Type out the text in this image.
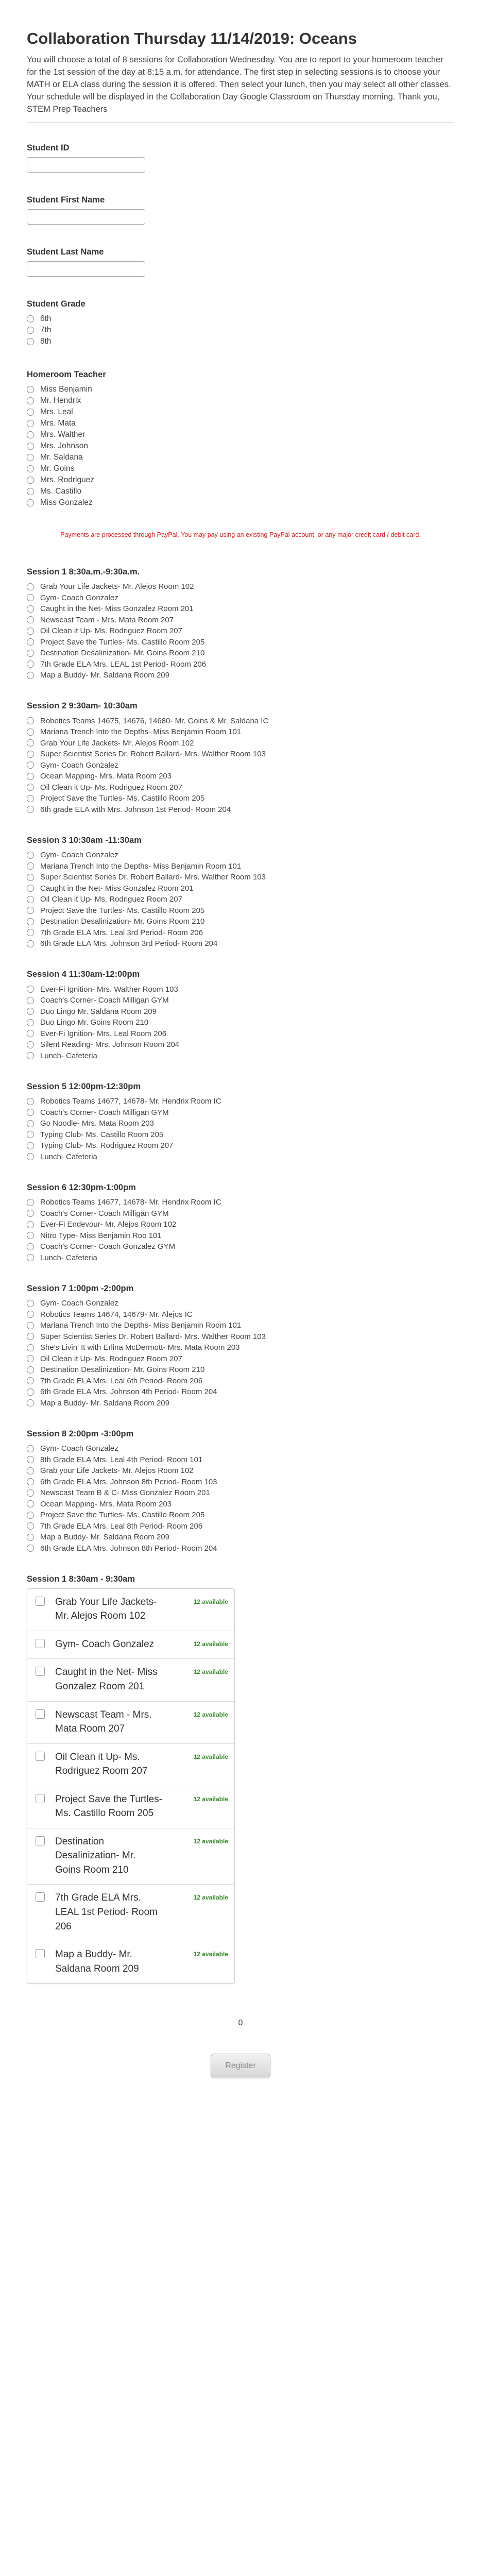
Collaboration Thursday 11/14/2019: Oceans
You will choose a total of 8 sessions for Collaboration Wednesday. You are to report to your homeroom teacher for the 1st session of the day at 8:15 a.m. for attendance. The first step in selecting sessions is to choose your MATH or ELA class during the session it is offered. Then select your lunch, then you may select all other classes. Your schedule will be displayed in the Collaboration Day Google Classroom on Thursday morning. Thank you, STEM Prep Teachers
Student ID
Student First Name
Student Last Name
Student Grade
6th
7th
8th
Homeroom Teacher
Miss Benjamin
Mr. Hendrix
Mrs. Leal
Mrs. Mata
Mrs. Walther
Mrs. Johnson
Mr. Saldana
Mr. Goins
Mrs. Rodriguez
Ms. Castillo
Miss Gonzalez
Payments are processed through PayPal. You may pay using an existing PayPal account, or any major credit card / debit card.
Session 1 8:30a.m.-9:30a.m.
Grab Your Life Jackets- Mr. Alejos Room 102
Gym- Coach Gonzalez
Caught in the Net- Miss Gonzalez Room 201
Newscast Team - Mrs. Mata Room 207
Oil Clean it Up- Ms. Rodriguez Room 207
Project Save the Turtles- Ms. Castillo Room 205
Destination Desalinization- Mr. Goins Room 210
7th Grade ELA Mrs. LEAL 1st Period- Room 206
Map a Buddy- Mr. Saldana Room 209
Session 2 9:30am- 10:30am
Robotics Teams 14675, 14676, 14680- Mr. Goins & Mr. Saldana IC
Mariana Trench Into the Depths- Miss Benjamin Room 101
Grab Your Life Jackets- Mr. Alejos Room 102
Super Scientist Series Dr. Robert Ballard- Mrs. Walther Room 103
Gym- Coach Gonzalez
Ocean Mapping- Mrs. Mata Room 203
Oil Clean it Up- Ms. Rodriguez Room 207
Project Save the Turtles- Ms. Castillo Room 205
6th grade ELA with Mrs. Johnson 1st Period- Room 204
Session 3 10:30am -11:30am
Gym- Coach Gonzalez
Mariana Trench Into the Depths- Miss Benjamin Room 101
Super Scientist Series Dr. Robert Ballard- Mrs. Walther Room 103
Caught in the Net- Miss Gonzalez Room 201
Oil Clean it Up- Ms. Rodriguez Room 207
Project Save the Turtles- Ms. Castillo Room 205
Destination Desalinization- Mr. Goins Room 210
7th Grade ELA Mrs. Leal 3rd Period- Room 206
6th Grade ELA Mrs. Johnson 3rd Period- Room 204
Session 4 11:30am-12:00pm
Ever-Fi Ignition- Mrs. Walther Room 103
Coach's Corner- Coach Milligan GYM
Duo Lingo Mr. Saldana Room 209
Duo Lingo Mr. Goins Room 210
Ever-Fi Ignition- Mrs. Leal Room 206
Silent Reading- Mrs. Johnson Room 204
Lunch- Cafeteria
Session 5 12:00pm-12:30pm
Robotics Teams 14677, 14678- Mr. Hendrix Room IC
Coach's Corner- Coach Milligan GYM
Go Noodle- Mrs. Mata Room 203
Typing Club- Ms. Castillo Room 205
Typing Club- Ms. Rodriguez Room 207
Lunch- Cafeteria
Session 6 12:30pm-1:00pm
Robotics Teams 14677, 14678- Mr. Hendrix Room IC
Coach's Corner- Coach Milligan GYM
Ever-Fi Endevour- Mr. Alejos Room 102
Nitro Type- Miss Benjamin Roo 101
Coach's Corner- Coach Gonzalez GYM
Lunch- Cafeteria
Session 7 1:00pm -2:00pm
Gym- Coach Gonzalez
Robotics Teams 14674, 14679- Mr. Alejos IC
Mariana Trench Into the Depths- Miss Benjamin Room 101
Super Scientist Series Dr. Robert Ballard- Mrs. Walther Room 103
She's Livin' It with Erlina McDermott- Mrs. Mata Room 203
Oil Clean it Up- Ms. Rodriguez Room 207
Destination Desalinization- Mr. Goins Room 210
7th Grade ELA Mrs. Leal 6th Period- Room 206
6th Grade ELA Mrs. Johnson 4th Period- Room 204
Map a Buddy- Mr. Saldana Room 209
Session 8 2:00pm -3:00pm
Gym- Coach Gonzalez
8th Grade ELA Mrs. Leal 4th Period- Room 101
Grab your Life Jackets- Mr. Alejos Room 102
6th Grade ELA Mrs. Johnson 8th Period- Room 103
Newscast Team B & C- Miss Gonzalez Room 201
Ocean Mapping- Mrs. Mata Room 203
Project Save the Turtles- Ms. Castillo Room 205
7th Grade ELA Mrs. Leal 8th Period- Room 206
Map a Buddy- Mr. Saldana Room 209
6th Grade ELA Mrs. Johnson 8th Period- Room 204
Session 1 8:30am - 9:30am
Grab Your Life Jackets- Mr. Alejos Room 102
12 available
Gym- Coach Gonzalez	12 available
Caught in the Net- Miss Gonzalez Room 201
12 available
Newscast Team - Mrs. Mata Room 207
12 available
Oil Clean it Up- Ms. Rodriguez Room 207
12 available
Project Save the Turtles- Ms. Castillo Room 205
12 available
Destination Desalinization- Mr. Goins Room 210
12 available
7th Grade ELA Mrs. LEAL 1st Period- Room 206
12 available
Map a Buddy- Mr. Saldana Room 209
12 available
0
Register
